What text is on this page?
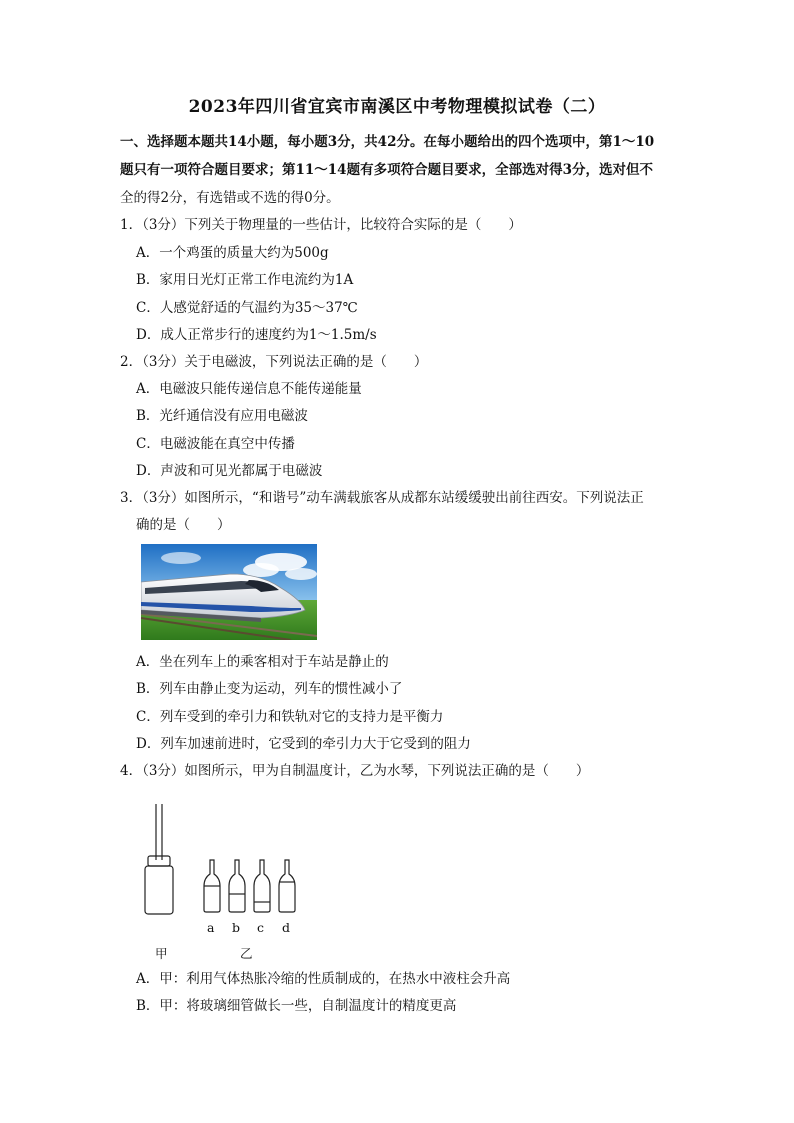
2023年四川省宜宾市南溪区中考物理模拟试卷（二）
一、选择题本题共14小题，每小题3分，共42分。在每小题给出的四个选项中，第1～10
题只有一项符合题目要求；第11～14题有多项符合题目要求，全部选对得3分，选对但不
全的得2分，有选错或不选的得0分。
1．（3分）下列关于物理量的一些估计，比较符合实际的是（　　）
A．一个鸡蛋的质量大约为500g
B．家用日光灯正常工作电流约为1A
C．人感觉舒适的气温约为35～37℃
D．成人正常步行的速度约为1～1.5m/s
2．（3分）关于电磁波，下列说法正确的是（　　）
A．电磁波只能传递信息不能传递能量
B．光纤通信没有应用电磁波
C．电磁波能在真空中传播
D．声波和可见光都属于电磁波
3．（3分）如图所示，“和谐号”动车满载旅客从成都东站缓缓驶出前往西安。下列说法正
确的是（　　）
A．坐在列车上的乘客相对于车站是静止的
B．列车由静止变为运动，列车的惯性减小了
C．列车受到的牵引力和铁轨对它的支持力是平衡力
D．列车加速前进时，它受到的牵引力大于它受到的阻力
4．（3分）如图所示，甲为自制温度计，乙为水琴，下列说法正确的是（　　）
a b c d
甲	乙
A．甲：利用气体热胀冷缩的性质制成的，在热水中液柱会升高
B．甲：将玻璃细管做长一些，自制温度计的精度更高
